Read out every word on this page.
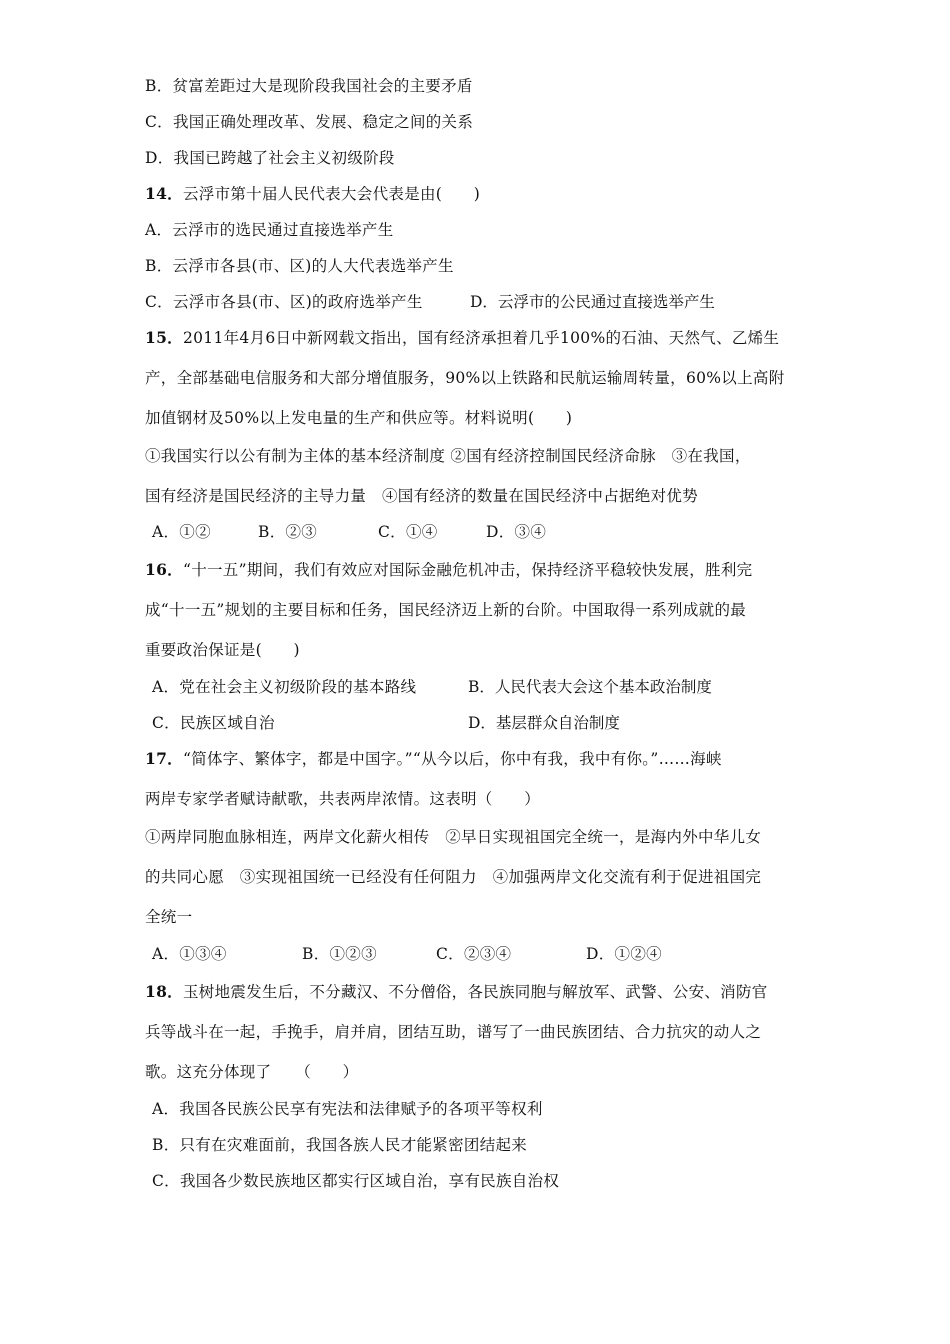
B．贫富差距过大是现阶段我国社会的主要矛盾
C．我国正确处理改革、发展、稳定之间的关系
D．我国已跨越了社会主义初级阶段
14．云浮市第十届人民代表大会代表是由(　　)
A．云浮市的选民通过直接选举产生
B．云浮市各县(市、区)的人大代表选举产生
C．云浮市各县(市、区)的政府选举产生	D．云浮市的公民通过直接选举产生
15．2011年4月6日中新网载文指出，国有经济承担着几乎100%的石油、天然气、乙烯生
产，全部基础电信服务和大部分增值服务，90%以上铁路和民航运输周转量，60%以上高附
加值钢材及50%以上发电量的生产和供应等。材料说明(　　)
①我国实行以公有制为主体的基本经济制度 ②国有经济控制国民经济命脉　③在我国，
国有经济是国民经济的主导力量　④国有经济的数量在国民经济中占据绝对优势
A．①②	B．②③	C．①④	D．③④
16．“十一五”期间，我们有效应对国际金融危机冲击，保持经济平稳较快发展，胜利完
成“十一五”规划的主要目标和任务，国民经济迈上新的台阶。中国取得一系列成就的最
重要政治保证是(　　)
A．党在社会主义初级阶段的基本路线	B．人民代表大会这个基本政治制度
C．民族区域自治	D．基层群众自治制度
17．“简体字、繁体字，都是中国字。”“从今以后，你中有我，我中有你。”……海峡
两岸专家学者赋诗献歌，共表两岸浓情。这表明（　　）
①两岸同胞血脉相连，两岸文化薪火相传　②早日实现祖国完全统一，是海内外中华儿女
的共同心愿　③实现祖国统一已经没有任何阻力　④加强两岸文化交流有利于促进祖国完
全统一
A．①③④	B．①②③	C．②③④	D．①②④
18．玉树地震发生后，不分藏汉、不分僧俗，各民族同胞与解放军、武警、公安、消防官
兵等战斗在一起，手挽手，肩并肩，团结互助，谱写了一曲民族团结、合力抗灾的动人之
歌。这充分体现了　　（　　）
A．我国各民族公民享有宪法和法律赋予的各项平等权利
B．只有在灾难面前，我国各族人民才能紧密团结起来
C．我国各少数民族地区都实行区域自治，享有民族自治权
